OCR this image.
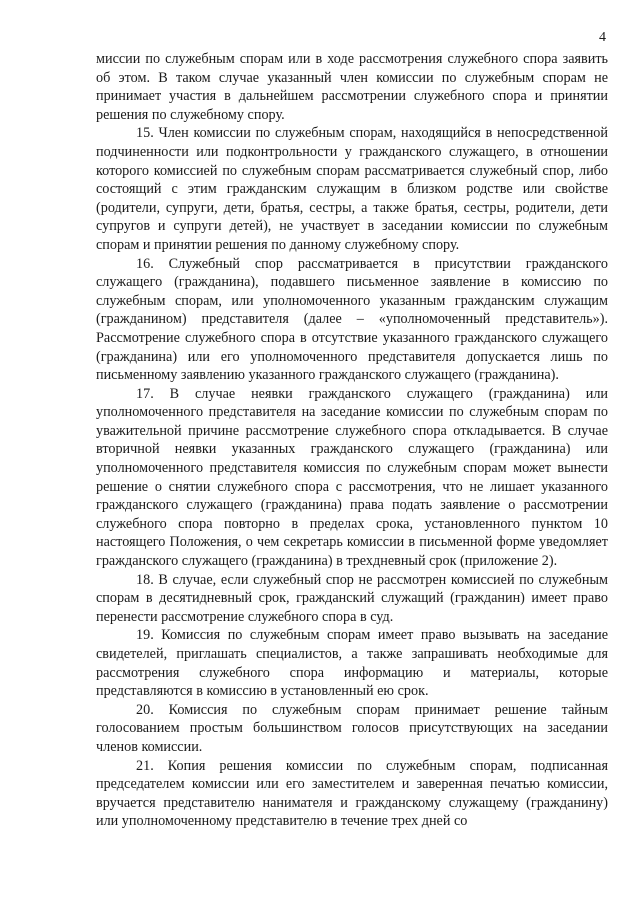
4

миссии по служебным спорам или в ходе рассмотрения служебного спора заявить об этом. В таком случае указанный член комиссии по служебным спорам не принимает участия в дальнейшем рассмотрении служебного спора и принятии решения по служебному спору.

15. Член комиссии по служебным спорам, находящийся в непосредственной подчиненности или подконтрольности у гражданского служащего, в отношении которого комиссией по служебным спорам рассматривается служебный спор, либо состоящий с этим гражданским служащим в близком родстве или свойстве (родители, супруги, дети, братья, сестры, а также братья, сестры, родители, дети супругов и супруги детей), не участвует в заседании комиссии по служебным спорам и принятии решения по данному служебному спору.

16. Служебный спор рассматривается в присутствии гражданского служащего (гражданина), подавшего письменное заявление в комиссию по служебным спорам, или уполномоченного указанным гражданским служащим (гражданином) представителя (далее – «уполномоченный представитель»). Рассмотрение служебного спора в отсутствие указанного гражданского служащего (гражданина) или его уполномоченного представителя допускается лишь по письменному заявлению указанного гражданского служащего (гражданина).

17. В случае неявки гражданского служащего (гражданина) или уполномоченного представителя на заседание комиссии по служебным спорам по уважительной причине рассмотрение служебного спора откладывается. В случае вторичной неявки указанных гражданского служащего (гражданина) или уполномоченного представителя комиссия по служебным спорам может вынести решение о снятии служебного спора с рассмотрения, что не лишает указанного гражданского служащего (гражданина) права подать заявление о рассмотрении служебного спора повторно в пределах срока, установленного пунктом 10 настоящего Положения, о чем секретарь комиссии в письменной форме уведомляет гражданского служащего (гражданина) в трехдневный срок (приложение 2).

18. В случае, если служебный спор не рассмотрен комиссией по служебным спорам в десятидневный срок, гражданский служащий (гражданин) имеет право перенести рассмотрение служебного спора в суд.

19. Комиссия по служебным спорам имеет право вызывать на заседание свидетелей, приглашать специалистов, а также запрашивать необходимые для рассмотрения служебного спора информацию и материалы, которые представляются в комиссию в установленный ею срок.

20. Комиссия по служебным спорам принимает решение тайным голосованием простым большинством голосов присутствующих на заседании членов комиссии.

21. Копия решения комиссии по служебным спорам, подписанная председателем комиссии или его заместителем и заверенная печатью комиссии, вручается представителю нанимателя и гражданскому служащему (гражданину) или уполномоченному представителю в течение трех дней со
